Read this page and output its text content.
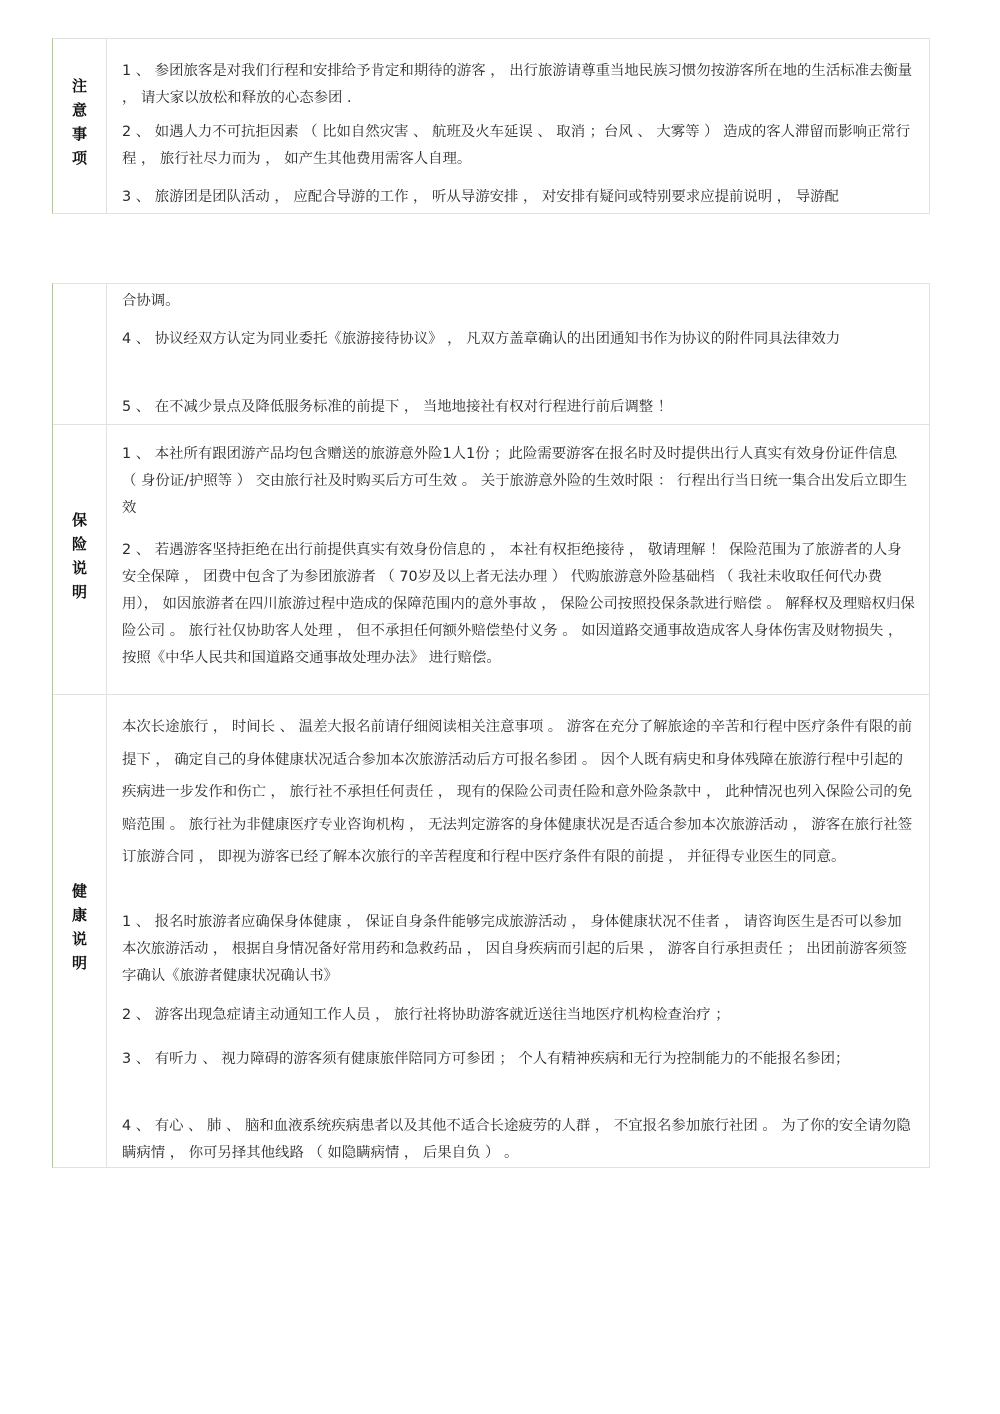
注意事项
1 、 参团旅客是对我们行程和安排给予肯定和期待的游客 ， 出行旅游请尊重当地民族习惯勿按游客所在地的生活标准去衡量 ， 请大家以放松和释放的心态参团 .
2 、 如遇人力不可抗拒因素 （ 比如自然灾害 、 航班及火车延误 、 取消 ；台风 、 大雾等 ） 造成的客人滞留而影响正常行程 ， 旅行社尽力而为 ， 如产生其他费用需客人自理。
3 、 旅游团是团队活动 ， 应配合导游的工作 ， 听从导游安排 ， 对安排有疑问或特别要求应提前说明 ， 导游配
合协调。
4 、 协议经双方认定为同业委托《旅游接待协议》 ， 凡双方盖章确认的出团通知书作为协议的附件同具法律效力
5 、 在不减少景点及降低服务标准的前提下 ， 当地地接社有权对行程进行前后调整 ！
保险说明
1 、 本社所有跟团游产品均包含赠送的旅游意外险1人1份 ；此险需要游客在报名时及时提供出行人真实有效身份证件信息 （ 身份证/护照等 ） 交由旅行社及时购买后方可生效 。 关于旅游意外险的生效时限 ： 行程出行当日统一集合出发后立即生效
2 、 若遇游客坚持拒绝在出行前提供真实有效身份信息的 ， 本社有权拒绝接待 ， 敬请理解 ！ 保险范围为了旅游者的人身安全保障 ， 团费中包含了为参团旅游者 （ 70岁及以上者无法办理 ） 代购旅游意外险基础档 （ 我社未收取任何代办费用）， 如因旅游者在四川旅游过程中造成的保障范围内的意外事故 ， 保险公司按照投保条款进行赔偿 。 解释权及理赔权归保险公司 。 旅行社仅协助客人处理 ， 但不承担任何额外赔偿垫付义务 。 如因道路交通事故造成客人身体伤害及财物损失 ， 按照《中华人民共和国道路交通事故处理办法》 进行赔偿。
健康说明
本次长途旅行 ， 时间长 、 温差大报名前请仔细阅读相关注意事项 。 游客在充分了解旅途的辛苦和行程中医疗条件有限的前提下 ， 确定自己的身体健康状况适合参加本次旅游活动后方可报名参团 。 因个人既有病史和身体残障在旅游行程中引起的疾病进一步发作和伤亡 ， 旅行社不承担任何责任 ， 现有的保险公司责任险和意外险条款中 ， 此种情况也列入保险公司的免赔范围 。 旅行社为非健康医疗专业咨询机构 ， 无法判定游客的身体健康状况是否适合参加本次旅游活动 ， 游客在旅行社签订旅游合同 ， 即视为游客已经了解本次旅行的辛苦程度和行程中医疗条件有限的前提 ， 并征得专业医生的同意。
1 、 报名时旅游者应确保身体健康 ， 保证自身条件能够完成旅游活动 ， 身体健康状况不佳者 ， 请咨询医生是否可以参加本次旅游活动 ， 根据自身情况备好常用药和急救药品 ， 因自身疾病而引起的后果 ， 游客自行承担责任 ； 出团前游客须签字确认《旅游者健康状况确认书》
2 、 游客出现急症请主动通知工作人员 ， 旅行社将协助游客就近送往当地医疗机构检查治疗 ；
3 、 有听力 、 视力障碍的游客须有健康旅伴陪同方可参团 ； 个人有精神疾病和无行为控制能力的不能报名参团；
4 、 有心 、 肺 、 脑和血液系统疾病患者以及其他不适合长途疲劳的人群 ， 不宜报名参加旅行社团 。 为了你的安全请勿隐瞒病情 ， 你可另择其他线路 （ 如隐瞒病情 ， 后果自负 ） 。
